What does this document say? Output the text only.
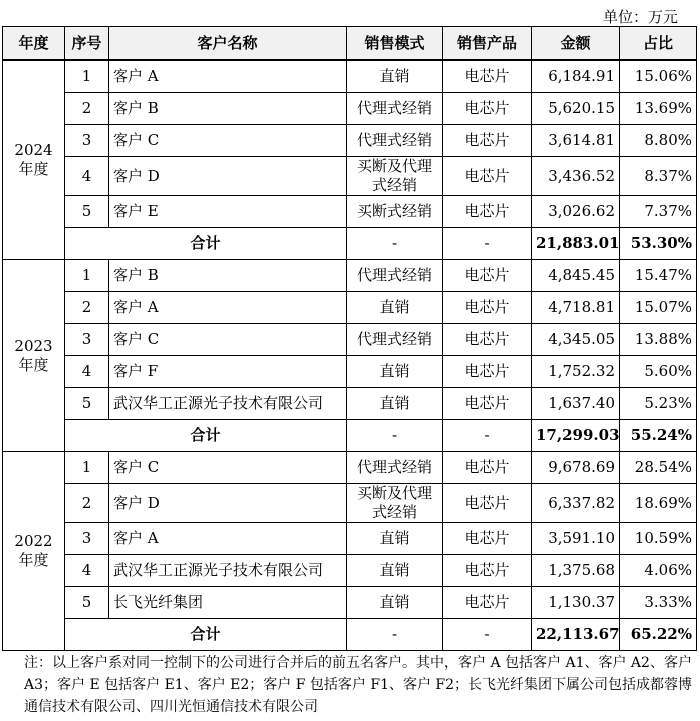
单位：万元
年度	序号	客户名称	销售模式	销售产品	金额	占比
2024年度	1	客户 A	直销	电芯片	6,184.91	15.06%
	2	客户 B	代理式经销	电芯片	5,620.15	13.69%
	3	客户 C	代理式经销	电芯片	3,614.81	8.80%
	4	客户 D	买断及代理式经销	电芯片	3,436.52	8.37%
	5	客户 E	买断式经销	电芯片	3,026.62	7.37%
	合计		-	-	21,883.01	53.30%
2023年度	1	客户 B	代理式经销	电芯片	4,845.45	15.47%
	2	客户 A	直销	电芯片	4,718.81	15.07%
	3	客户 C	代理式经销	电芯片	4,345.05	13.88%
	4	客户 F	直销	电芯片	1,752.32	5.60%
	5	武汉华工正源光子技术有限公司	直销	电芯片	1,637.40	5.23%
	合计		-	-	17,299.03	55.24%
2022年度	1	客户 C	代理式经销	电芯片	9,678.69	28.54%
	2	客户 D	买断及代理式经销	电芯片	6,337.82	18.69%
	3	客户 A	直销	电芯片	3,591.10	10.59%
	4	武汉华工正源光子技术有限公司	直销	电芯片	1,375.68	4.06%
	5	长飞光纤集团	直销	电芯片	1,130.37	3.33%
	合计		-	-	22,113.67	65.22%
注：以上客户系对同一控制下的公司进行合并后的前五名客户。其中，客户 A 包括客户 A1、客户 A2、客户 A3；客户 E 包括客户 E1、客户 E2；客户 F 包括客户 F1、客户 F2；长飞光纤集团下属公司包括成都蓉博通信技术有限公司、四川光恒通信技术有限公司
